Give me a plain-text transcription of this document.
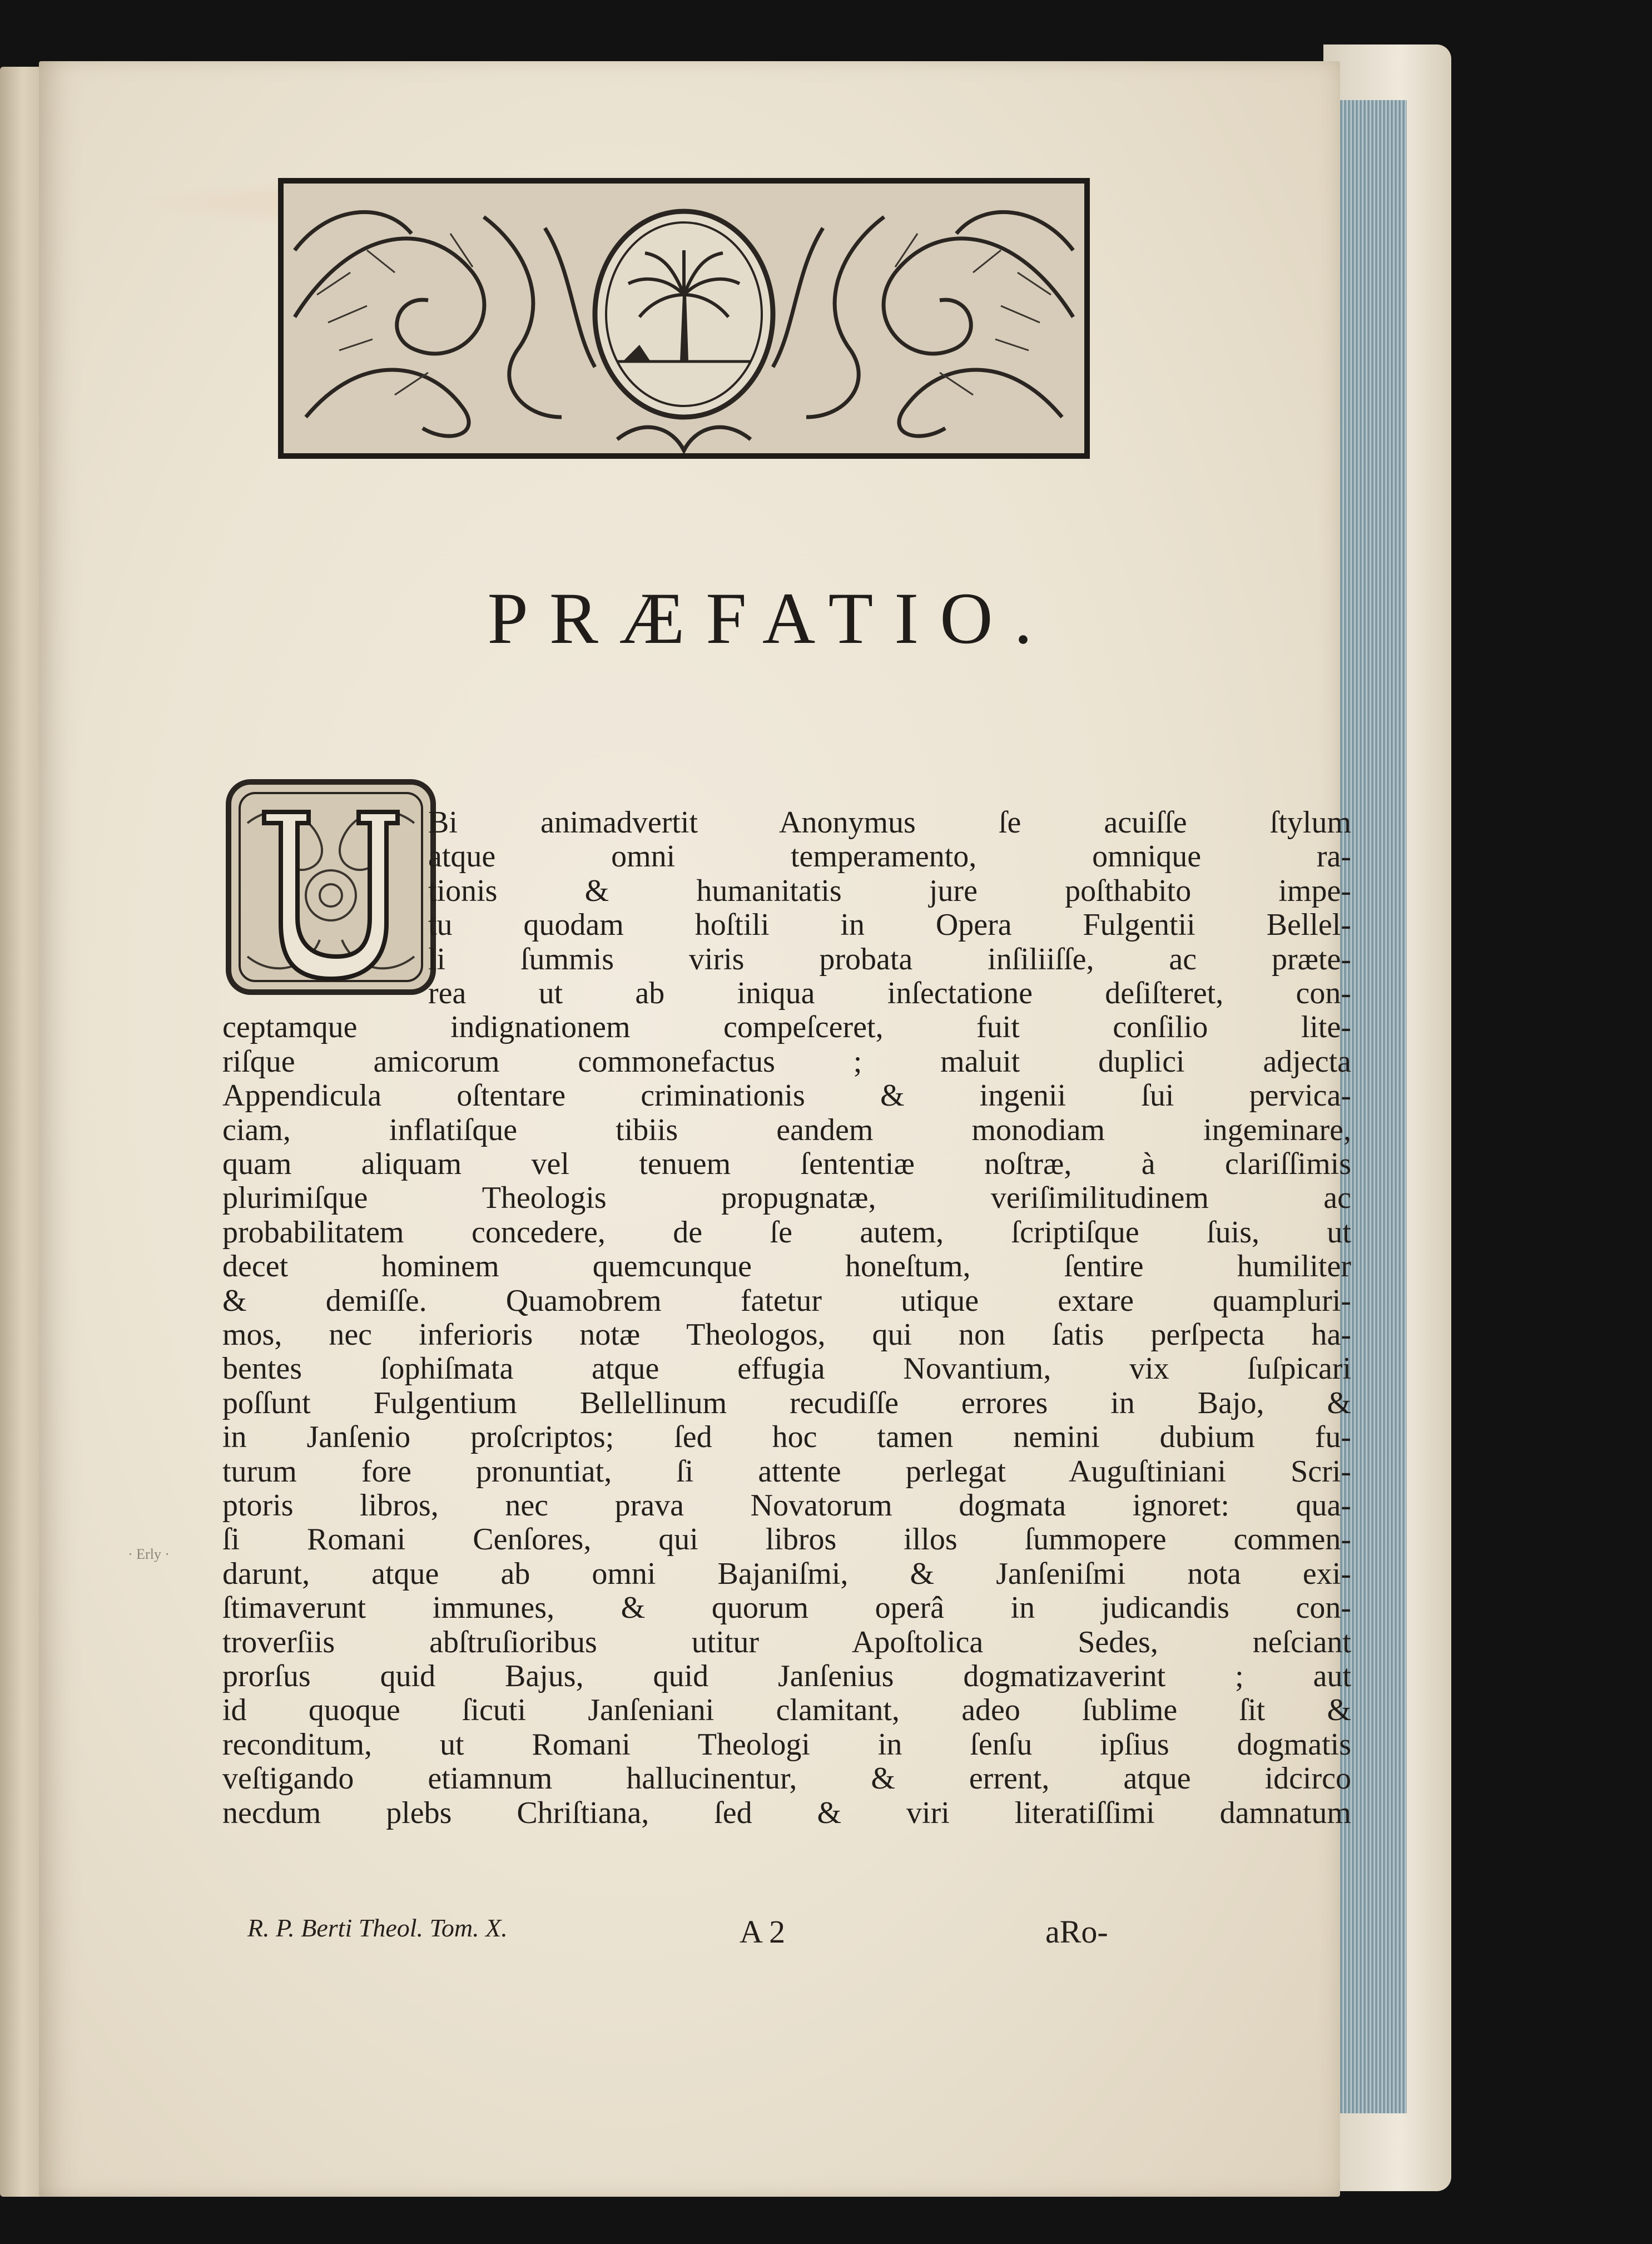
PRÆFATIO.
Bi animadvertit Anonymus ſe acuiſſe ſtylum
atque omni temperamento, omnique ra-
tionis & humanitatis jure poſthabito impe-
tu quodam hoſtili in Opera Fulgentii Bellel-
li ſummis viris probata inſiliiſſe, ac præte-
rea ut ab iniqua inſectatione deſiſteret, con-
ceptamque indignationem compeſceret, fuit conſilio lite-
riſque amicorum commonefactus ; maluit duplici adjecta
Appendicula oſtentare criminationis & ingenii ſui pervica-
ciam, inflatiſque tibiis eandem monodiam ingeminare,
quam aliquam vel tenuem ſententiæ noſtræ, à clariſſimis
plurimiſque Theologis propugnatæ, veriſimilitudinem ac
probabilitatem concedere, de ſe autem, ſcriptiſque ſuis, ut
decet hominem quemcunque honeſtum, ſentire humiliter
& demiſſe. Quamobrem fatetur utique extare quampluri-
mos, nec inferioris notæ Theologos, qui non ſatis perſpecta ha-
bentes ſophiſmata atque effugia Novantium, vix ſuſpicari
poſſunt Fulgentium Bellellinum recudiſſe errores in Bajo, &
in Janſenio proſcriptos; ſed hoc tamen nemini dubium fu-
turum fore pronuntiat, ſi attente perlegat Auguſtiniani Scri-
ptoris libros, nec prava Novatorum dogmata ignoret: qua-
ſi Romani Cenſores, qui libros illos ſummopere commen-
darunt, atque ab omni Bajaniſmi, & Janſeniſmi nota exi-
ſtimaverunt immunes, & quorum operâ in judicandis con-
troverſiis abſtruſioribus utitur Apoſtolica Sedes, neſciant
prorſus quid Bajus, quid Janſenius dogmatizaverint ; aut
id quoque ſicuti Janſeniani clamitant, adeo ſublime ſit &
reconditum, ut Romani Theologi in ſenſu ipſius dogmatis
veſtigando etiamnum hallucinentur, & errent, atque idcirco
necdum plebs Chriſtiana, ſed & viri literatiſſimi damnatum
R. P. Berti Theol. Tom. X.	A 2	aRo-
· Erly ·
